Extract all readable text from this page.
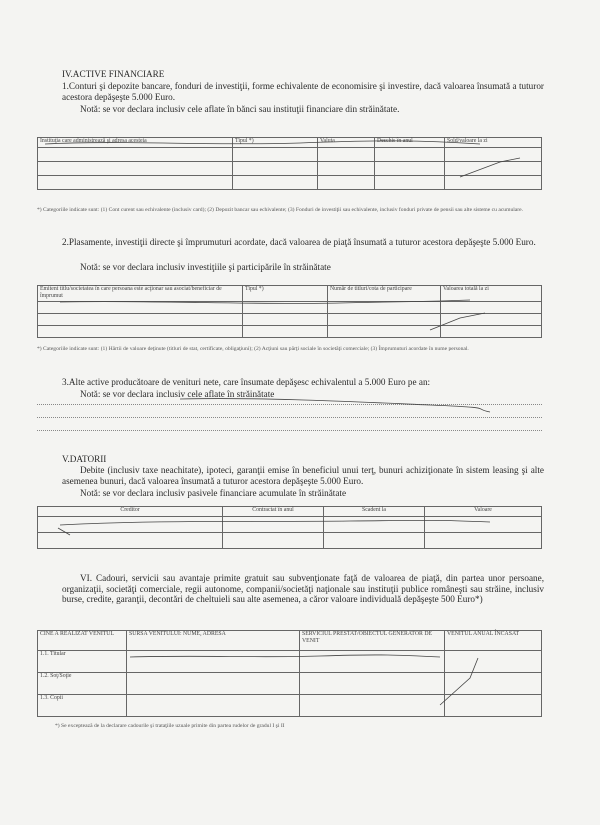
IV.ACTIVE FINANCIARE
1.Conturi şi depozite bancare, fonduri de investiţii, forme echivalente de economisire şi investire, dacă valoarea însumată a tuturor acestora depăşeşte 5.000 Euro.
Notă: se vor declara inclusiv cele aflate în bănci sau instituţii financiare din străinătate.
Instituţia care administrează şi adresa acesteia	Tipul *)	Valuta	Deschis în anul	Sold/valoare la zi

*) Categoriile indicate sunt: (1) Cont curent sau echivalente (inclusiv card); (2) Depozit bancar sau echivalente; (3) Fonduri de investiţii sau echivalente, inclusiv fonduri private de pensii sau alte sisteme cu acumulare.
2.Plasamente, investiţii directe şi împrumuturi acordate, dacă valoarea de piaţă însumată a tuturor acestora depăşeşte 5.000 Euro.
Notă: se vor declara inclusiv investiţiile şi participările în străinătate
Emitent titlu/societatea în care persoana este acţionar sau asociat/beneficiar de împrumut	Tipul *)	Număr de titluri/cota de participare	Valoarea totală la zi

*) Categoriile indicate sunt: (1) Hârtii de valoare deţinute (titluri de stat, certificate, obligaţiuni); (2) Acţiuni sau părţi sociale în societăţi comerciale; (3) Împrumuturi acordate în nume personal.
3.Alte active producătoare de venituri nete, care însumate depăşesc echivalentul a 5.000 Euro pe an:
Notă: se vor declara inclusiv cele aflate în străinătate
V.DATORII
Debite (inclusiv taxe neachitate), ipoteci, garanţii emise în beneficiul unui terţ, bunuri achiziţionate în sistem leasing şi alte asemenea bunuri, dacă valoarea însumată a tuturor acestora depăşeşte 5.000 Euro.
Notă: se vor declara inclusiv pasivele financiare acumulate în străinătate
Creditor	Contractat în anul	Scadent la	Valoare

VI. Cadouri, servicii sau avantaje primite gratuit sau subvenţionate faţă de valoarea de piaţă, din partea unor persoane, organizaţii, societăţi comerciale, regii autonome, companii/societăţi naţionale sau instituţii publice româneşti sau străine, inclusiv burse, credite, garanţii, decontări de cheltuieli sau alte asemenea, a căror valoare individuală depăşeşte 500 Euro*)
CINE A REALIZAT VENITUL	SURSA VENITULUI: NUME, ADRESA	SERVICIUL PRESTAT/OBIECTUL GENERATOR DE VENIT	VENITUL ANUAL ÎNCASAT
1.1. Titular			
1.2. Soţ/Soţie			
1.3. Copii			
*) Se exceptează de la declarare cadourile şi trataţiile uzuale primite din partea rudelor de gradul I şi II
